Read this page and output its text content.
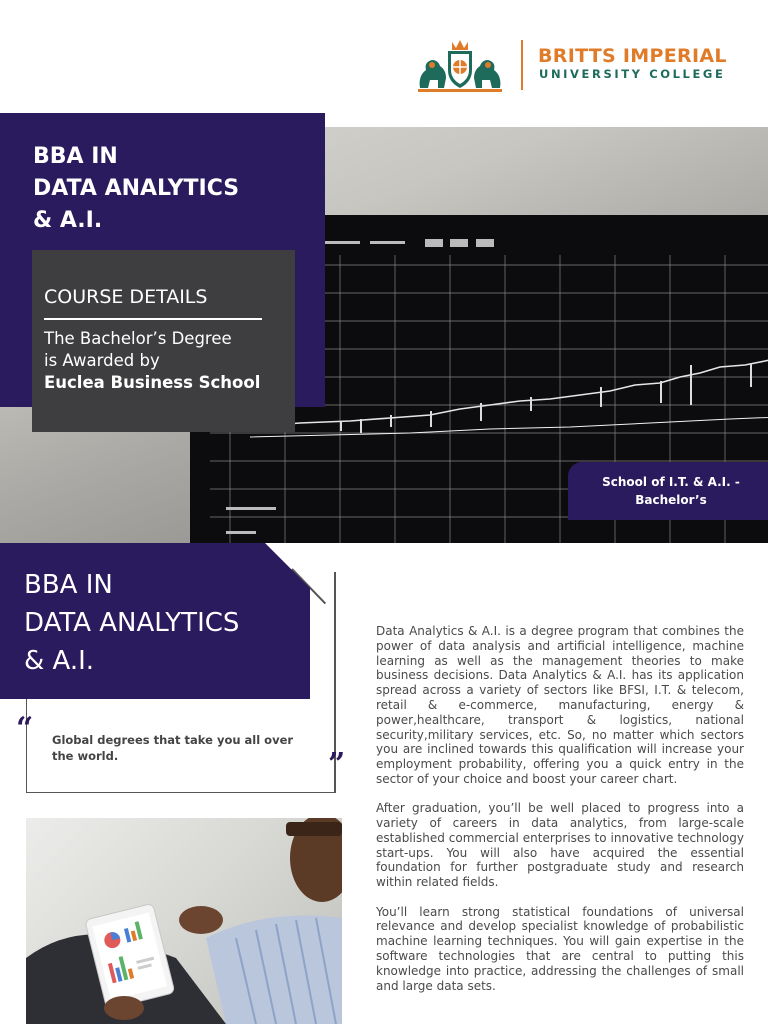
BRITTS IMPERIAL
UNIVERSITY COLLEGE
BBA IN
DATA ANALYTICS
& A.I.
COURSE DETAILS
The Bachelor’s Degree
is Awarded by
Euclea Business School
School of I.T. & A.I. -
Bachelor’s
BBA IN
DATA ANALYTICS
& A.I.
“ Global degrees that take you all over the world.	”

Data Analytics & A.I. is a degree program that combines the power of data analysis and artificial intelligence, machine learning as well as the management theories to make business decisions. Data Analytics & A.I. has its application spread across a variety of sectors like BFSI, I.T. & telecom, retail & e-commerce, manufacturing, energy & power,healthcare, transport & logistics, national security,military services, etc. So, no matter which sectors you are inclined towards this qualification will increase your employment probability, offering you a quick entry in the sector of your choice and boost your career chart.

After graduation, you’ll be well placed to progress into a variety of careers in data analytics, from large-scale established commercial enterprises to innovative technology start-ups. You will also have acquired the essential foundation for further postgraduate study and research within related fields.

You’ll learn strong statistical foundations of universal relevance and develop specialist knowledge of probabilistic machine learning techniques. You will gain expertise in the software technologies that are central to putting this knowledge into practice, addressing the challenges of small and large data sets.
